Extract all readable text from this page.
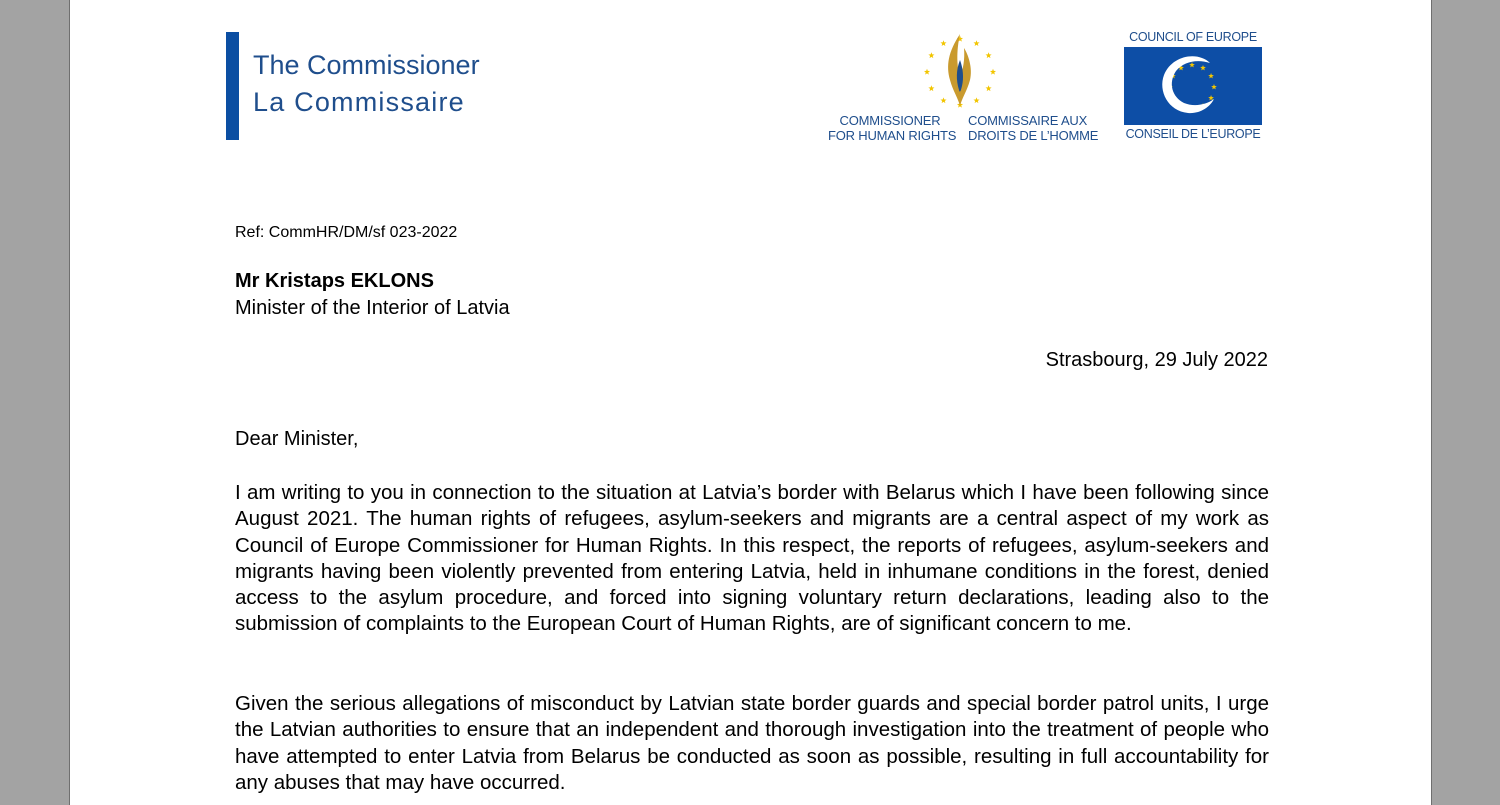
The Commissioner
La Commissaire
COMMISSIONER
FOR HUMAN RIGHTS
COMMISSAIRE AUX
DROITS DE L’HOMME
COUNCIL OF EUROPE
CONSEIL DE L’EUROPE
Ref: CommHR/DM/sf 023-2022
Mr Kristaps EKLONS
Minister of the Interior of Latvia
Strasbourg, 29 July 2022
Dear Minister,

I am writing to you in connection to the situation at Latvia’s border with Belarus which I have been following since August 2021. The human rights of refugees, asylum-seekers and migrants are a central aspect of my work as Council of Europe Commissioner for Human Rights. In this respect, the reports of refugees, asylum-seekers and migrants having been violently prevented from entering Latvia, held in inhumane conditions in the forest, denied access to the asylum procedure, and forced into signing voluntary return declarations, leading also to the submission of complaints to the European Court of Human Rights, are of significant concern to me.

Given the serious allegations of misconduct by Latvian state border guards and special border patrol units, I urge the Latvian authorities to ensure that an independent and thorough investigation into the treatment of people who have attempted to enter Latvia from Belarus be conducted as soon as possible, resulting in full accountability for any abuses that may have occurred.
